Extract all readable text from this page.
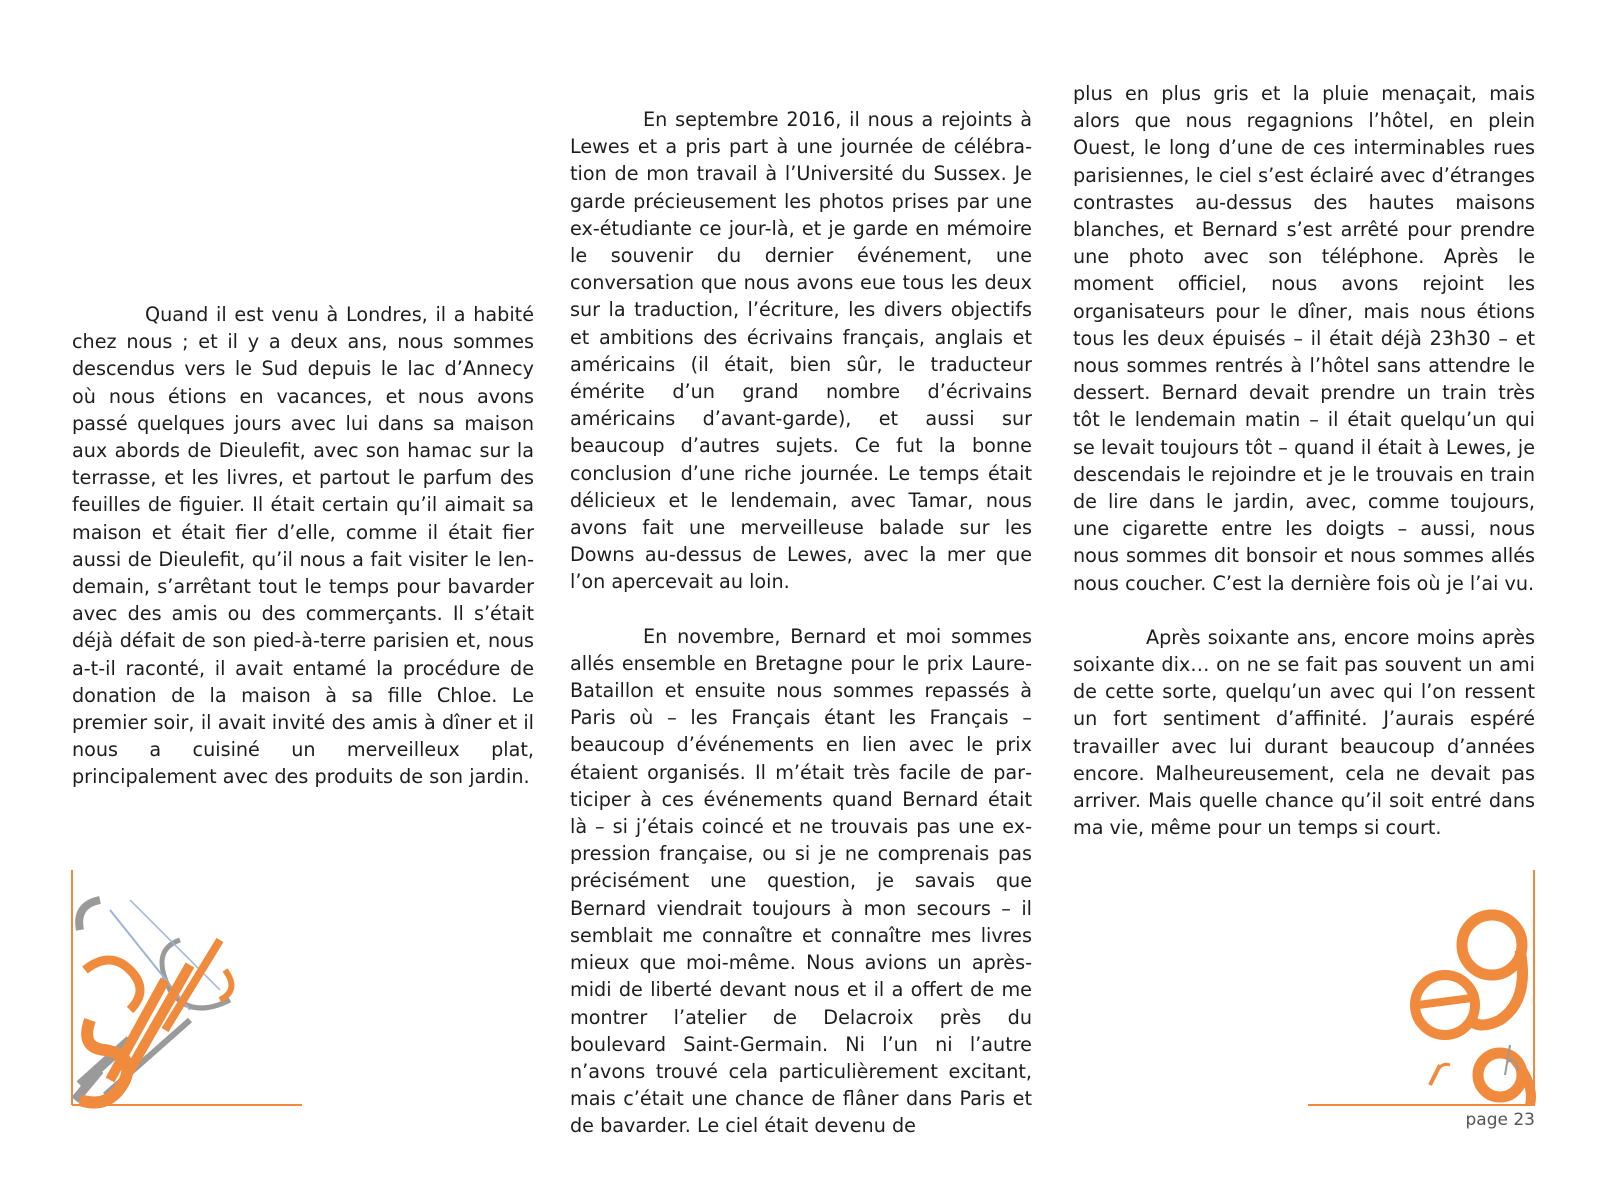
Quand il est venu à Londres, il a habité chez nous ; et il y a deux ans, nous sommes descendus vers le Sud depuis le lac d’Annecy où nous étions en vacances, et nous avons passé quelques jours avec lui dans sa maison aux abords de Dieulefit, avec son hamac sur la terrasse, et les livres, et partout le parfum des feuilles de figuier. Il était certain qu’il aimait sa maison et était fier d’elle, comme il était fier aussi de Dieulefit, qu’il nous a fait visiter le lendemain, s’arrêtant tout le temps pour bavarder avec des amis ou des commerçants. Il s’était déjà défait de son pied-à-terre parisien et, nous a-t-il raconté, il avait entamé la procédure de donation de la maison à sa fille Chloe. Le premier soir, il avait invité des amis à dîner et il nous a cuisiné un merveilleux plat, principalement avec des produits de son jardin.

En septembre 2016, il nous a rejoints à Lewes et a pris part à une journée de célébration de mon travail à l’Université du Sussex. Je garde précieusement les photos prises par une ex-étudiante ce jour-là, et je garde en mémoire le souvenir du dernier événement, une conversation que nous avons eue tous les deux sur la traduction, l’écriture, les divers objectifs et ambitions des écrivains français, anglais et américains (il était, bien sûr, le traducteur émérite d’un grand nombre d’écrivains américains d’avant-garde), et aussi sur beaucoup d’autres sujets. Ce fut la bonne conclusion d’une riche journée. Le temps était délicieux et le lendemain, avec Tamar, nous avons fait une merveilleuse balade sur les Downs au-dessus de Lewes, avec la mer que l’on apercevait au loin.

En novembre, Bernard et moi sommes allés ensemble en Bretagne pour le prix Laure-Bataillon et ensuite nous sommes repassés à Paris où – les Français étant les Français – beaucoup d’événements en lien avec le prix étaient organisés. Il m’était très facile de participer à ces événements quand Bernard était là – si j’étais coincé et ne trouvais pas une expression française, ou si je ne comprenais pas précisément une question, je savais que Bernard viendrait toujours à mon secours – il semblait me connaître et connaître mes livres mieux que moi-même. Nous avions un après-midi de liberté devant nous et il a offert de me montrer l’atelier de Delacroix près du boulevard Saint-Germain. Ni l’un ni l’autre n’avons trouvé cela particulièrement excitant, mais c’était une chance de flâner dans Paris et de bavarder. Le ciel était devenu de

plus en plus gris et la pluie menaçait, mais alors que nous regagnions l’hôtel, en plein Ouest, le long d’une de ces interminables rues parisiennes, le ciel s’est éclairé avec d’étranges contrastes au-dessus des hautes maisons blanches, et Bernard s’est arrêté pour prendre une photo avec son téléphone. Après le moment officiel, nous avons rejoint les organisateurs pour le dîner, mais nous étions tous les deux épuisés – il était déjà 23h30 – et nous sommes rentrés à l’hôtel sans attendre le dessert. Bernard devait prendre un train très tôt le lendemain matin – il était quelqu’un qui se levait toujours tôt – quand il était à Lewes, je descendais le rejoindre et je le trouvais en train de lire dans le jardin, avec, comme toujours, une cigarette entre les doigts – aussi, nous nous sommes dit bonsoir et nous sommes allés nous coucher. C’est la dernière fois où je l’ai vu.

Après soixante ans, encore moins après soixante dix… on ne se fait pas souvent un ami de cette sorte, quelqu’un avec qui l’on ressent un fort sentiment d’affinité. J’aurais espéré travailler avec lui durant beaucoup d’années encore. Malheureusement, cela ne devait pas arriver. Mais quelle chance qu’il soit entré dans ma vie, même pour un temps si court.

page 23
